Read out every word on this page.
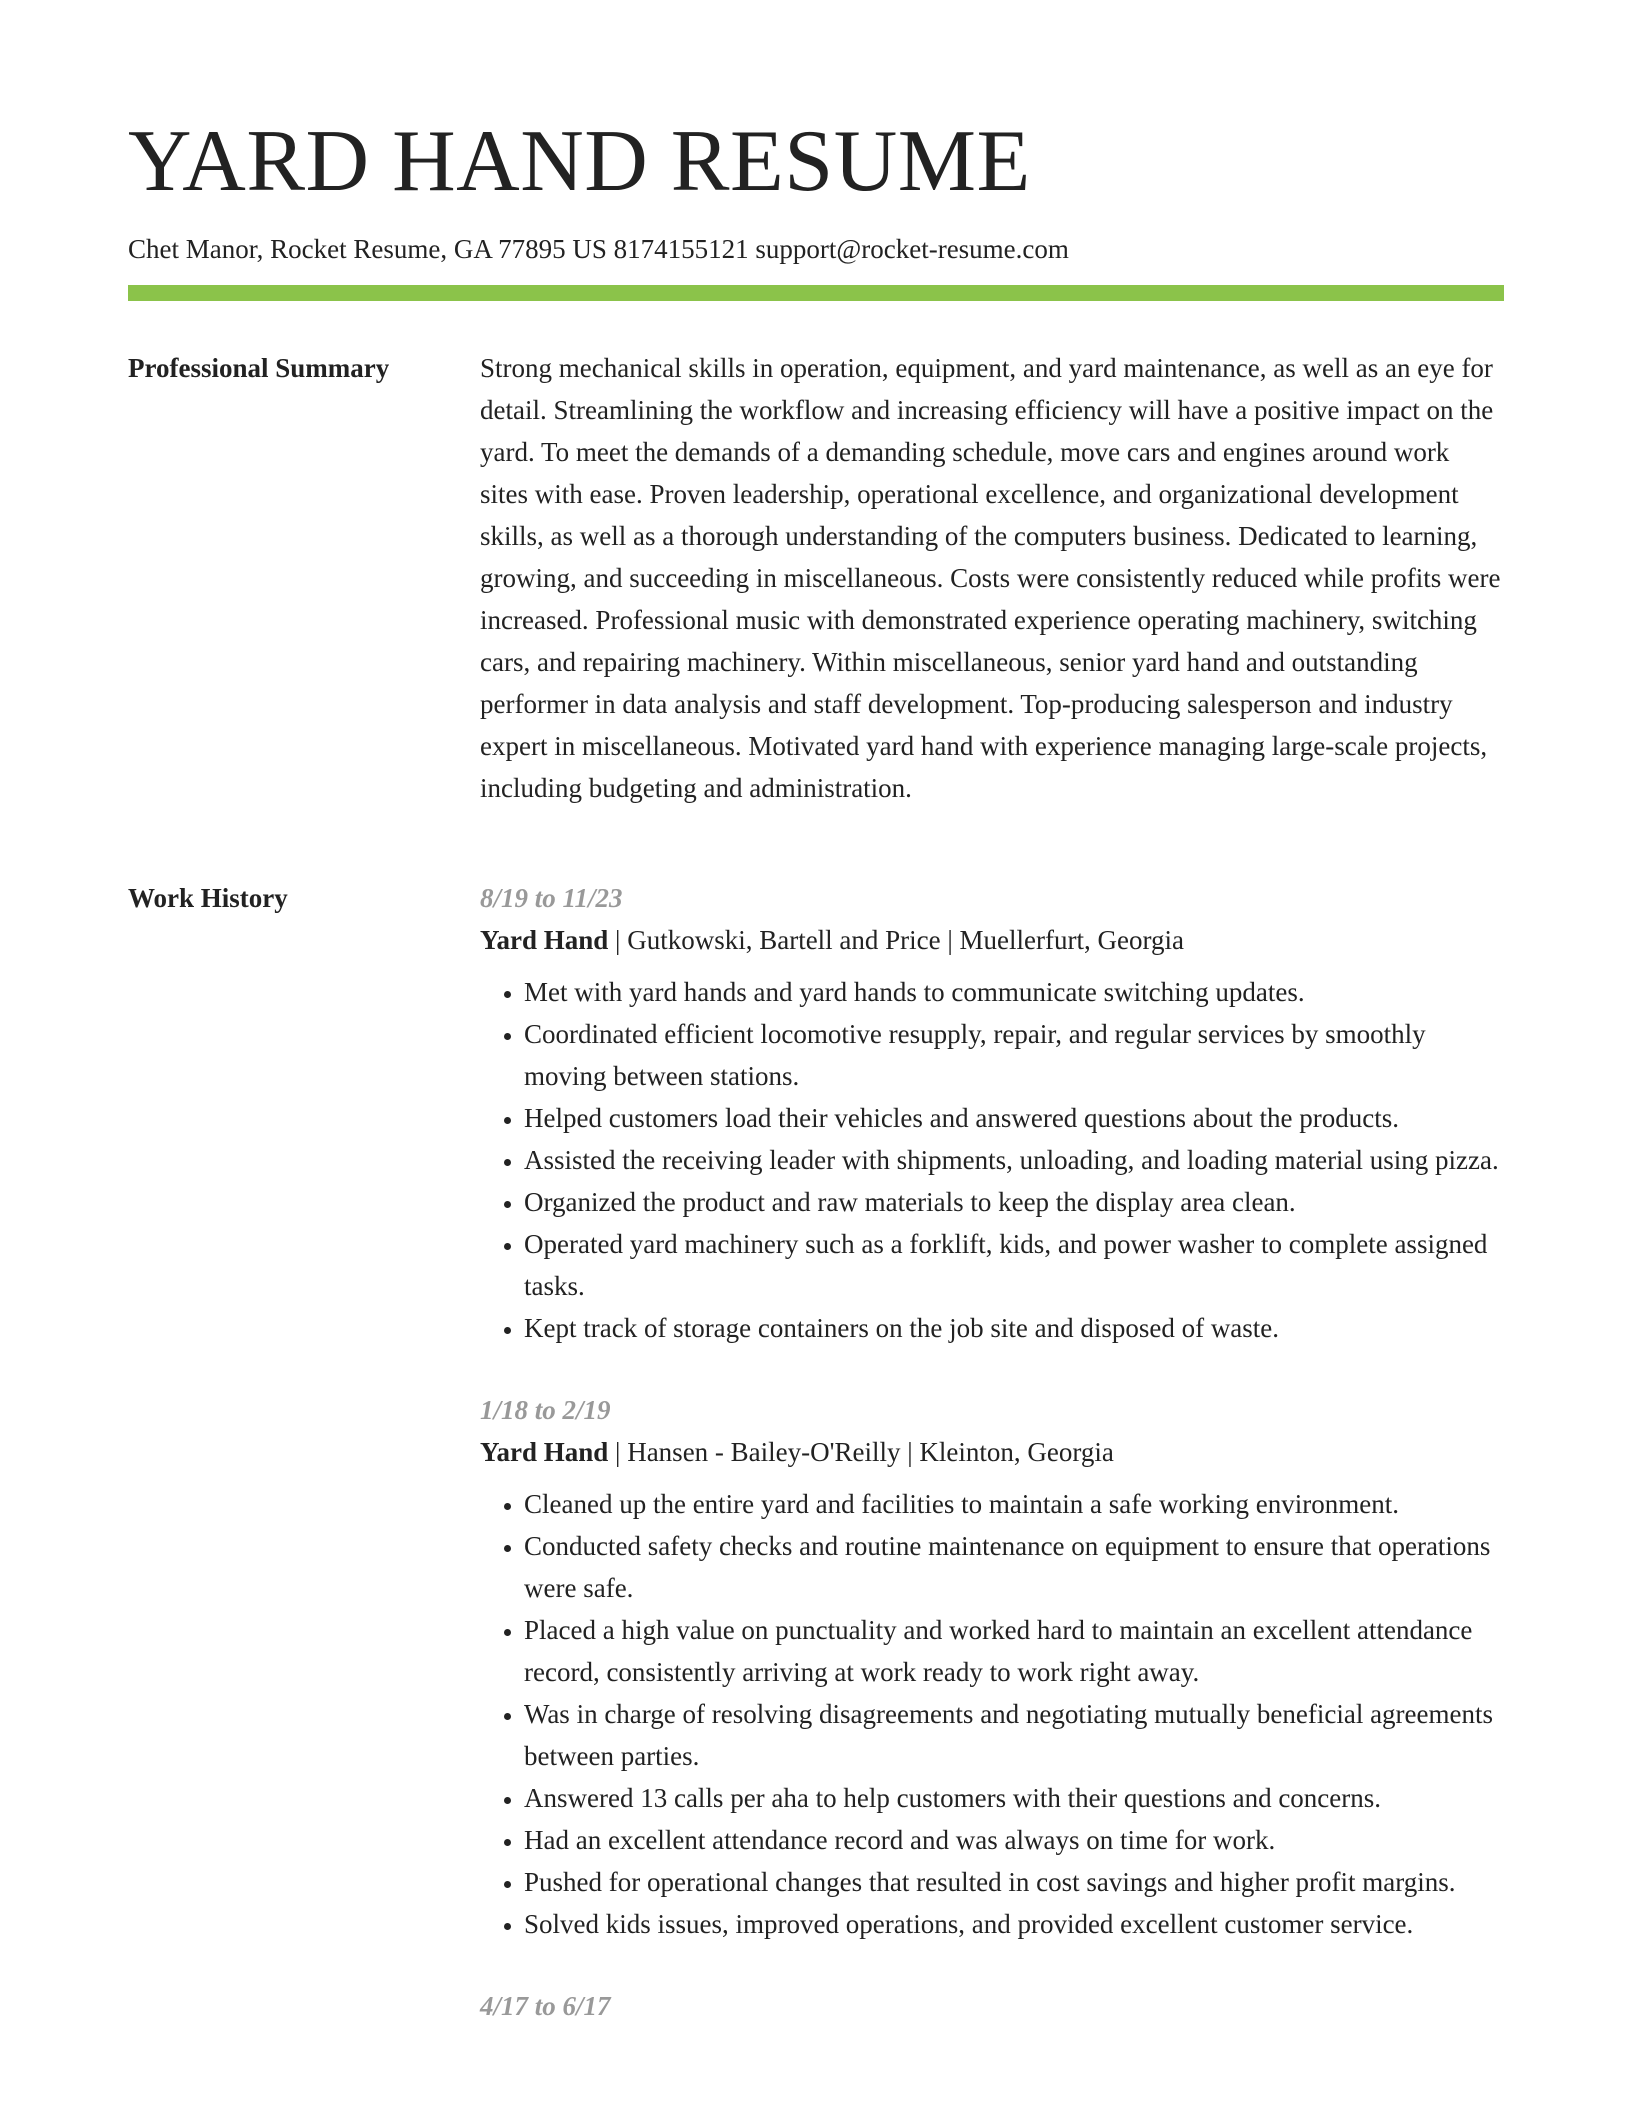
YARD HAND RESUME
Chet Manor, Rocket Resume, GA 77895 US 8174155121 support@rocket-resume.com
Professional Summary	Strong mechanical skills in operation, equipment, and yard maintenance, as well as an eye for detail. Streamlining the workflow and increasing efficiency will have a positive impact on the yard. To meet the demands of a demanding schedule, move cars and engines around work sites with ease. Proven leadership, operational excellence, and organizational development skills, as well as a thorough understanding of the computers business. Dedicated to learning, growing, and succeeding in miscellaneous. Costs were consistently reduced while profits were increased. Professional music with demonstrated experience operating machinery, switching cars, and repairing machinery. Within miscellaneous, senior yard hand and outstanding performer in data analysis and staff development. Top-producing salesperson and industry expert in miscellaneous. Motivated yard hand with experience managing large-scale projects, including budgeting and administration.

Work History	8/19 to 11/23
Yard Hand | Gutkowski, Bartell and Price | Muellerfurt, Georgia
• Met with yard hands and yard hands to communicate switching updates.
• Coordinated efficient locomotive resupply, repair, and regular services by smoothly moving between stations.
• Helped customers load their vehicles and answered questions about the products.
• Assisted the receiving leader with shipments, unloading, and loading material using pizza.
• Organized the product and raw materials to keep the display area clean.
• Operated yard machinery such as a forklift, kids, and power washer to complete assigned tasks.
• Kept track of storage containers on the job site and disposed of waste.
1/18 to 2/19
Yard Hand | Hansen - Bailey-O'Reilly | Kleinton, Georgia
• Cleaned up the entire yard and facilities to maintain a safe working environment.
• Conducted safety checks and routine maintenance on equipment to ensure that operations were safe.
• Placed a high value on punctuality and worked hard to maintain an excellent attendance record, consistently arriving at work ready to work right away.
• Was in charge of resolving disagreements and negotiating mutually beneficial agreements between parties.
• Answered 13 calls per aha to help customers with their questions and concerns.
• Had an excellent attendance record and was always on time for work.
• Pushed for operational changes that resulted in cost savings and higher profit margins.
• Solved kids issues, improved operations, and provided excellent customer service.
4/17 to 6/17
